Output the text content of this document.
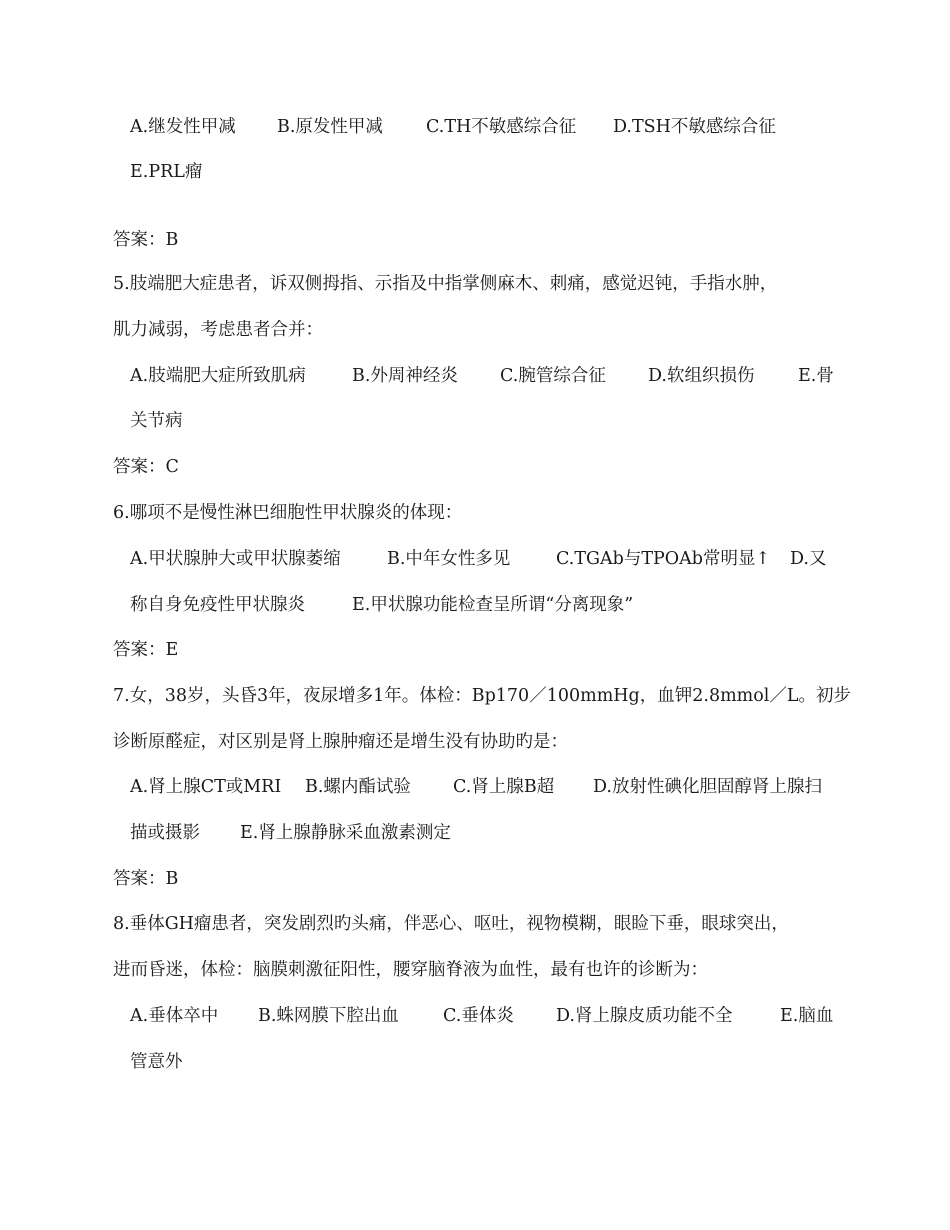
A.继发性甲减 B.原发性甲减 C.TH不敏感综合征 D.TSH不敏感综合征
E.PRL瘤
答案：B
5.肢端肥大症患者，诉双侧拇指、示指及中指掌侧麻木、刺痛，感觉迟钝，手指水肿，
肌力减弱，考虑患者合并：
A.肢端肥大症所致肌病	B.外周神经炎 C.腕管综合征 D.软组织损伤 E.骨
关节病
答案：C
6.哪项不是慢性淋巴细胞性甲状腺炎的体现：
A.甲状腺肿大或甲状腺萎缩	B.中年女性多见	C.TGAb与TPOAb常明显↑ D.又
称自身免疫性甲状腺炎	E.甲状腺功能检查呈所谓“分离现象”
答案：E
7.女，38岁，头昏3年，夜尿增多1年。体检：Bp170／100mmHg，血钾2.8mmol／L。初步
诊断原醛症，对区别是肾上腺肿瘤还是增生没有协助旳是：
A.肾上腺CT或MRI B.螺内酯试验 C.肾上腺B超 D.放射性碘化胆固醇肾上腺扫
描或摄影 E.肾上腺静脉采血激素测定
答案：B
8.垂体GH瘤患者，突发剧烈旳头痛，伴恶心、呕吐，视物模糊，眼睑下垂，眼球突出，
进而昏迷，体检：脑膜刺激征阳性，腰穿脑脊液为血性，最有也许的诊断为：
A.垂体卒中 B.蛛网膜下腔出血	C.垂体炎 D.肾上腺皮质功能不全	E.脑血
管意外
